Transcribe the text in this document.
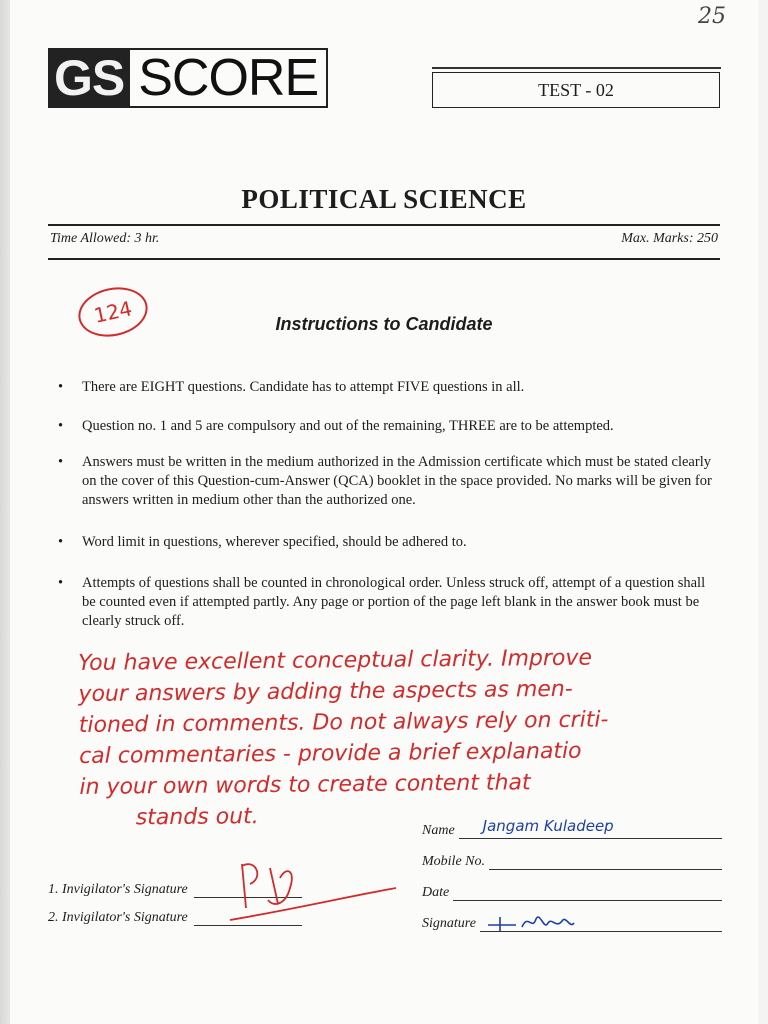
25
GS SCORE	TEST - 02
POLITICAL SCIENCE
Time Allowed: 3 hr.	Max. Marks: 250
124	Instructions to Candidate
• There are EIGHT questions. Candidate has to attempt FIVE questions in all.
• Question no. 1 and 5 are compulsory and out of the remaining, THREE are to be attempted.
• Answers must be written in the medium authorized in the Admission certificate which must be stated clearly on the cover of this Question-cum-Answer (QCA) booklet in the space provided. No marks will be given for answers written in medium other than the authorized one.
• Word limit in questions, wherever specified, should be adhered to.
• Attempts of questions shall be counted in chronological order. Unless struck off, attempt of a question shall be counted even if attempted partly. Any page or portion of the page left blank in the answer book must be clearly struck off.
You have excellent conceptual clarity. Improve
your answers by adding the aspects as men-
tioned in comments. Do not always rely on criti-
cal commentaries - provide a brief explanatio
in your own words to create content that
stands out.
Name Jangam Kuladeep
Mobile No.
Date
Signature
1. Invigilator's Signature
2. Invigilator's Signature
